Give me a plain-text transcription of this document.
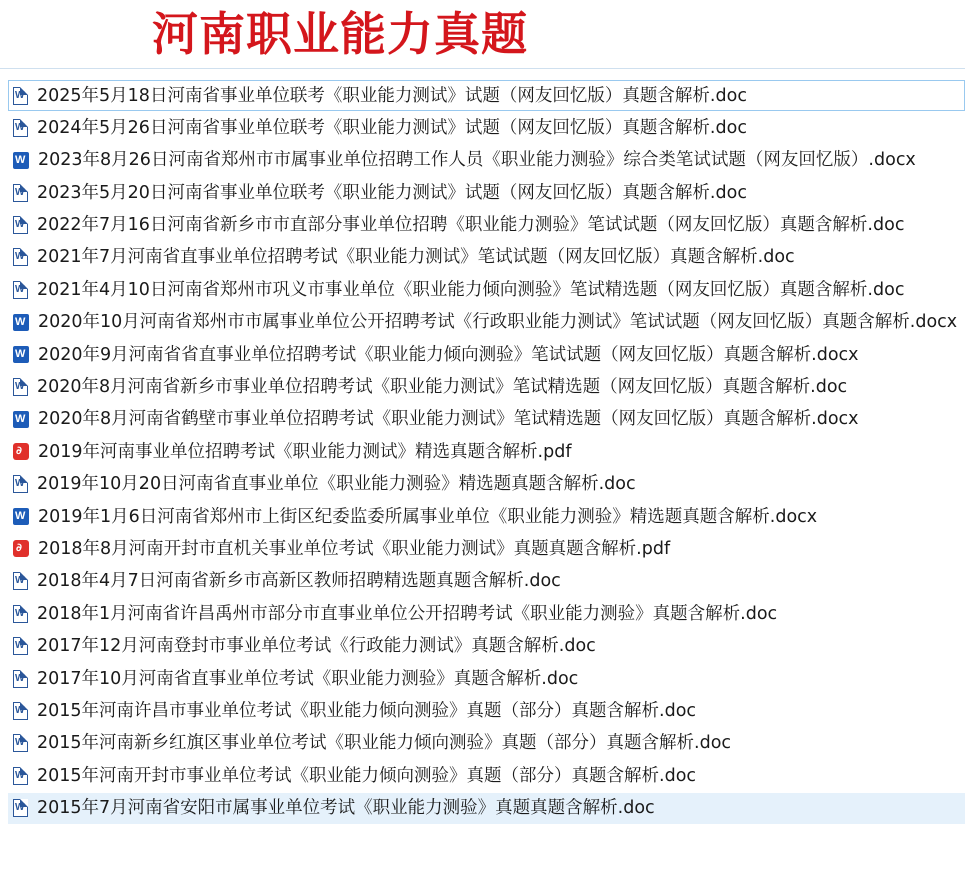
河南职业能力真题
W
2025年5月18日河南省事业单位联考《职业能力测试》试题（网友回忆版）真题含解析.doc
W
2024年5月26日河南省事业单位联考《职业能力测试》试题（网友回忆版）真题含解析.doc
W
2023年8月26日河南省郑州市市属事业单位招聘工作人员《职业能力测验》综合类笔试试题（网友回忆版）.docx
W
2023年5月20日河南省事业单位联考《职业能力测试》试题（网友回忆版）真题含解析.doc
W
2022年7月16日河南省新乡市市直部分事业单位招聘《职业能力测验》笔试试题（网友回忆版）真题含解析.doc
W
2021年7月河南省直事业单位招聘考试《职业能力测试》笔试试题（网友回忆版）真题含解析.doc
W
2021年4月10日河南省郑州市巩义市事业单位《职业能力倾向测验》笔试精选题（网友回忆版）真题含解析.doc
W
2020年10月河南省郑州市市属事业单位公开招聘考试《行政职业能力测试》笔试试题（网友回忆版）真题含解析.docx
W
2020年9月河南省省直事业单位招聘考试《职业能力倾向测验》笔试试题（网友回忆版）真题含解析.docx
W
2020年8月河南省新乡市事业单位招聘考试《职业能力测试》笔试精选题（网友回忆版）真题含解析.doc
W
2020年8月河南省鹤壁市事业单位招聘考试《职业能力测试》笔试精选题（网友回忆版）真题含解析.docx
∂
2019年河南事业单位招聘考试《职业能力测试》精选真题含解析.pdf
W
2019年10月20日河南省直事业单位《职业能力测验》精选题真题含解析.doc
W
2019年1月6日河南省郑州市上街区纪委监委所属事业单位《职业能力测验》精选题真题含解析.docx
∂
2018年8月河南开封市直机关事业单位考试《职业能力测试》真题真题含解析.pdf
W
2018年4月7日河南省新乡市高新区教师招聘精选题真题含解析.doc
W
2018年1月河南省许昌禹州市部分市直事业单位公开招聘考试《职业能力测验》真题含解析.doc
W
2017年12月河南登封市事业单位考试《行政能力测试》真题含解析.doc
W
2017年10月河南省直事业单位考试《职业能力测验》真题含解析.doc
W
2015年河南许昌市事业单位考试《职业能力倾向测验》真题（部分）真题含解析.doc
W
2015年河南新乡红旗区事业单位考试《职业能力倾向测验》真题（部分）真题含解析.doc
W
2015年河南开封市事业单位考试《职业能力倾向测验》真题（部分）真题含解析.doc
W
2015年7月河南省安阳市属事业单位考试《职业能力测验》真题真题含解析.doc
